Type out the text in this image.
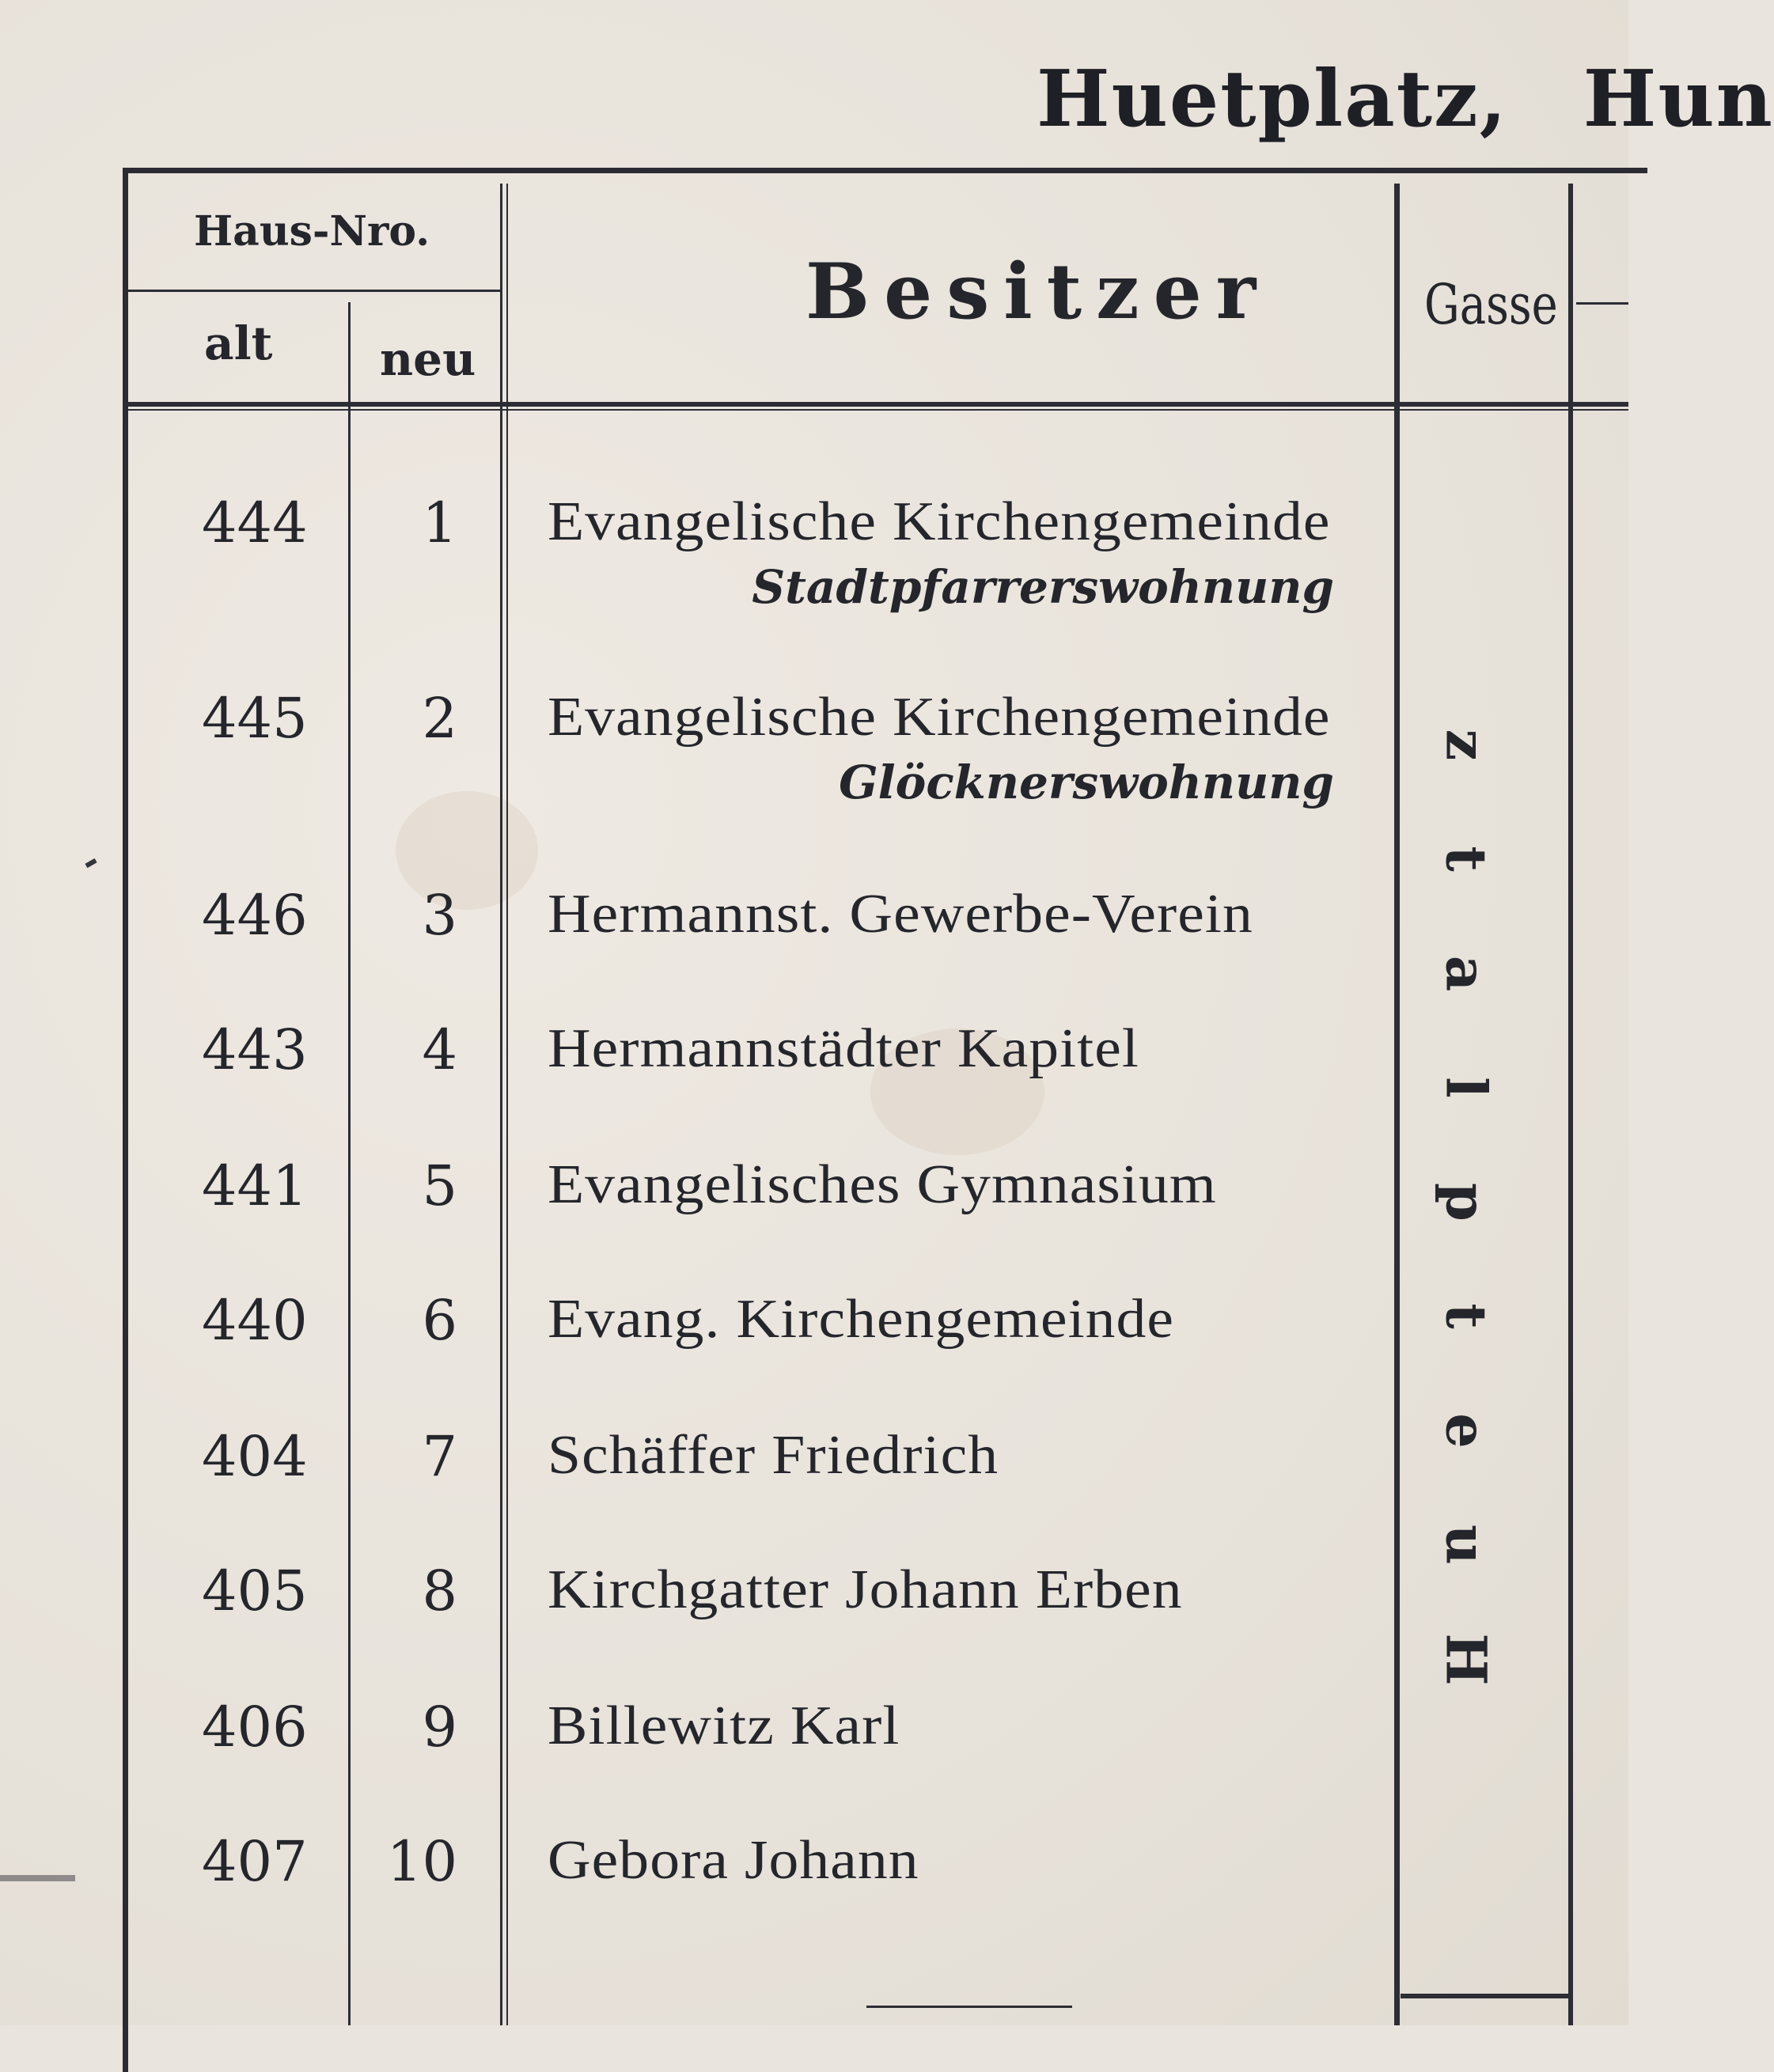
Huetplatz, Hun
Haus-Nro.
alt neu
Besitzer	Gasse
444 1 Evangelische Kirchengemeinde
Stadtpfarrerswohnung
445 2 Evangelische Kirchengemeinde
Glöcknerswohnung
446 3 Hermannst. Gewerbe-Verein
443 4 Hermannstädter Kapitel
441 5 Evangelisches Gymnasium
440 6 Evang. Kirchengemeinde
404 7 Schäffer Friedrich
405 8 Kirchgatter Johann Erben
406 9 Billewitz Karl
407 10 Gebora Johann
H
u
e
t
p
l
a
t
z
